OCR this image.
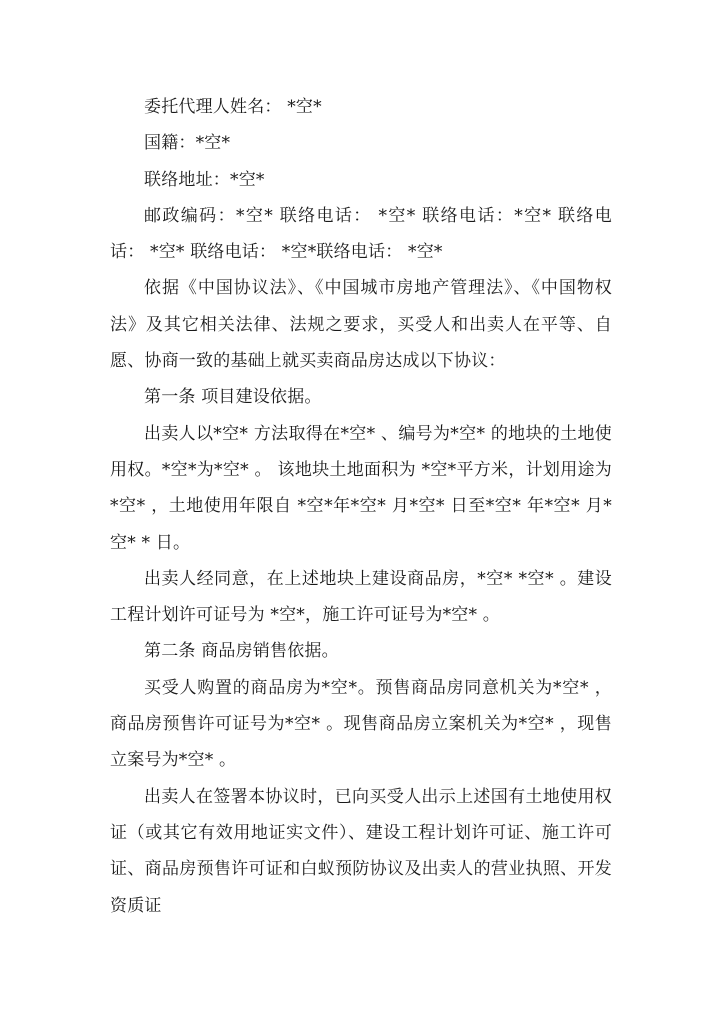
委托代理人姓名： *空*

国籍：*空*

联络地址：*空*

邮政编码：*空* 联络电话： *空* 联络电话：*空* 联络电话： *空* 联络电话： *空*联络电话： *空*

依据《中国协议法》、《中国城市房地产管理法》、《中国物权法》及其它相关法律、法规之要求，买受人和出卖人在平等、自愿、协商一致的基础上就买卖商品房达成以下协议：

第一条 项目建设依据。

出卖人以*空* 方法取得在*空* 、编号为*空* 的地块的土地使用权。*空*为*空* 。 该地块土地面积为 *空*平方米，计划用途为*空* ，土地使用年限自 *空*年*空* 月*空* 日至*空* 年*空* 月*空* * 日。

出卖人经同意，在上述地块上建设商品房，*空* *空* 。建设工程计划许可证号为 *空*，施工许可证号为*空* 。

第二条 商品房销售依据。

买受人购置的商品房为*空*。预售商品房同意机关为*空* ，商品房预售许可证号为*空* 。现售商品房立案机关为*空* ，现售立案号为*空* 。

出卖人在签署本协议时，已向买受人出示上述国有土地使用权证（或其它有效用地证实文件）、建设工程计划许可证、施工许可证、商品房预售许可证和白蚁预防协议及出卖人的营业执照、开发资质证
